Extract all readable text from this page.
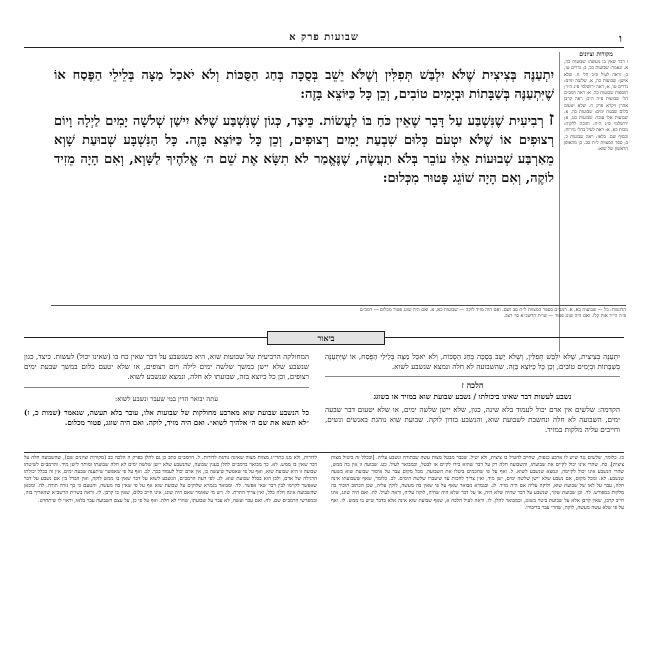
ו
שבועות פרק א
מקורות וציונים
ז דבר שאין בו מעשה: שבועות כה, א. ונאמר: שבועות כב, ב; נדרים טו, ב; וראה לעיל פ״ב הל׳ ח. שלא אישן: שבועות כה, א. שלשה ימים: נדרים טו, א; ראה ירושלמי פ״ג ה״ד; תוספות שבועות כה, א; ראה רמב״ם הל׳ שבועות פ״ה ה״כ; ראה קרבן אהרן ויקרא פרק ח. שלא יטעום כלום שבעת ימים: שבועות כה, א. שבועות אלו עובר: שבועות כט, א; ירושלמי פ״ג ה״ח. וחובה ללקות: מכות כא, א; ראה לעיל בהל׳ נזירות, ובסוף שם. בלאו: ראה שבועות כ, ב; ספר המצוות ל״ת סב. כן מהאופן הראשון של שוא:

יִתְעַנֶּה בְּצִיצִית שֶׁלֹּא יִלְבַּשׁ תְּפִלִּין וְשֶׁלֹּא יֵשֵׁב בְּסֻכָּה בְּחַג הַסֻּכּוֹת וְלֹא יֹאכַל מַצָּה בְּלֵילֵי הַפֶּסַח אוֹ שֶׁיִּתְעַנֶּה בְּשַׁבָּתוֹת וּבְיָמִים טוֹבִים, וְכֵן כָּל כַּיּוֹצֵא בָּזֶה:

ז רְבִיעִית שֶׁנִּשְׁבַּע עַל דָּבָר שֶׁאֵין כֹּחַ בּוֹ לַעֲשׂוֹת. כֵּיצַד, כְּגוֹן שֶׁנִּשְׁבַּע שֶׁלֹּא יִישַׁן שְׁלֹשָׁה יָמִים לַיְלָה וָיוֹם רְצוּפִים אוֹ שֶׁלֹּא יִטְעֹם כְּלוּם שִׁבְעַת יָמִים רְצוּפִים, וְכֵן כָּל כַּיּוֹצֵא בָּזֶה. כָּל הַנִּשְׁבָּע שְׁבוּעַת שָׁוְא מֵאַרְבַּע שְׁבוּעוֹת אֵלּוּ עוֹבֵר בְּלֹא תַעֲשֶׂה, שֶׁנֶּאֱמַר לֹא תִשָּׂא אֶת שֵׁם ה׳ אֱלֹהֶיךָ לַשָּׁוְא, וְאִם הָיָה מֵזִיד לוֹקֶה, וְאִם הָיָה שׁוֹגֵג פָּטוּר מִכְּלוּם:

הדגשות: כל — שבועות כא, א. רמב״ם בספר המצוות ל״ת סב ושם. ואם הוה מזיד לוקה — שבועות כא, א. ואם היה שוגג פטור מכלום — רמב״ם
פ״ה הי״ד אות קלו. ואם היה שוגג פטור — שו״ת הרשב״א סי׳ רצב.
ביאור

יִתְעַנֶּה בְּצִיצִית, שֶׁלֹּא יִלְבַּשׁ תְּפִלִּין, וְשֶׁלֹּא יֵשֵׁב בְּסֻכָּה בְּחַג הַסֻּכּוֹת, וְלֹא יֹאכַל מַצָּה בְּלֵילֵי הַפֶּסַח, אוֹ שֶׁיִּתְעַנֶּה בְּשַׁבָּתוֹת וּבְיָמִים טוֹבִים, וְכֵן כָּל כַּיּוֹצֵא בָּזֶה. שהשבועה לא חלה ונמצא שנשבע לשוא.

הלכה ז
נשבע לעשות דבר שאינו ביכולתו / נשבע שבועת שוא במזיד או בשוגג

הקדמה: שלשים אין אדם יכול לעמוד בלא שינה, כגון, שלא יישן שלשה ימים, או שלא יטעום דבר שבעה ימים, השבועה לא חלה ונחשבת לשבועת שוא, והנשבע בזדון לוקה. שבועת שוא נוהגת באנשים ונשים, וחייבים עליה מלקות במזיד.

המחולקה הרביעית של שבועות שוא, היא כשנשבע על דבר שאין כח בו (שאינו יכול) לעשות. כיצד, כגון שנשבע שלא יישן במשך שלשה ימים לילה ויום רצופים, או שלא יטעם כלום במשך שבעת ימים רצופים, וכן כל כיוצא בזה, שבועתו לא חלה, ונמצא שנשבע לשוא.

עתה יבואר הדין במי שעבר ונשבע לשוא:

כל הנשבע שבועת שוא מארבע מחולקות של שבועות אלו, עובר בלא תעשה, שנאמר (שמות כ, ז) ״לא תשא את שם ה׳ אלהיך לשוא״. ואם היה מזיד, לוקה. ואם היה שוגג, פטור מכלום.

כז. כלומר, שלשים נגד שיש לו ארבע כנפות, שחייב להטיל בו ציצית, ולא יטיל. שכבר מבטל מצות עשה שבתורה ונשבע עליה. [ובכלל זה ביטול מצות ציצית]. כח. שהרי אינו יכול לקיים את שבועתו, והשבועה חלה רק על דבר שהוא בידו לקיים או לבטל, וכמבואר לעיל. כט. שבועה זו אין בה ממש, שהרי הנשבע אינו יכול לקיימה, ונמצא שנשבע לשוא. ל. ואף על פי שחכמים ביטלו את השבועה, מכל מקום עבר על איסור שבועת שוא בשעה שנשבע. לא. ומכל מקום, אם נשבע שלא יישן שלשה ימים, ישן מיד, ואין צריך לחכות עד שיעברו שלשת הימים. לב. כלומר, שאף ששבועתו אינה חלה, עבר על לאו של שבועת שוא, ולוקה עליה אם היה מזיד. לג. ובגמרא מבואר שאף על פי שאין בה מעשה, לוקין עליה, שכן הכתוב הזכיר בה מלקות במפורש. לד. וכן שבועת שקר, שנשבע על דבר שהיה שלא היה, או על דבר שלא היה שהיה, לוקה עליה, וראה לעיל. לה. ואם היה שוגג, אינו חייב קרבן, שאין קרבן אלא על שבועת ביטוי בשוגג, וכמבואר להלן. לו. וראה לעיל הלכה א, שאף שבועת שוא אינה אלא בדבר שיש בו ממש. לז. ואף על פי שלא עשה מעשה, לוקה, שהרי עבר בדיבורו.
לדורות, ולא מנו בתרי״ג מצוות מצוה שאינה נוהגת לדורות. ל. הרמב״ם כתב כן גם להלן בפרק ה הלכה כב (מקורות וציונים שם), שהשבועה חלה על דבר שאין בו ממש. לא. כך מבואר ברמב״ם להלן בענין שבועה, שהנשבע שלא יישן שלשה ימים לא חלה שבועתו ומותר לישן מיד. והרמב״ם לשיטתו שבועה זו היא שבועת שוא, ואף על פי שאפשר שיעשה כן, אין אדם יכול לעמוד בכך. לב. ואף על פי שאפשר שיתענה שבעה ימים, אין זה בכלל יכולתו הרגילה של אדם, ולכן הוא בכלל שבועת שוא. לג. לפי דעת הרמב״ם, הנשבע לשוא על דבר שאין בו ממש לוקה, ואין הבדל בין אם נשבע על דבר שאפשר לקיימו לבין דבר שאי אפשר. לד. ומבואר בגמרא שלוקים על שבועת שוא אף על פי שאין בה מעשה, והטעם כי כך גזרה תורה. לה. ומכאן שהשבועה אינה חלה כלל, ואין צריך התרה. לו. ויש מי שאומר שאם היה שוגג, אינו חייב כלום, שאין בו קרבן. לז. וראה בשו״ת הרשב״א שהאריך בזה, ובמפרשי הרמב״ם שם. לח. ואם עבר ועשה, לא עבר על שבועתו, שהרי לא חלה. ואף על פי כן, על עצם השבועה עבר בלאו, וראוי לו שיתחרט.
